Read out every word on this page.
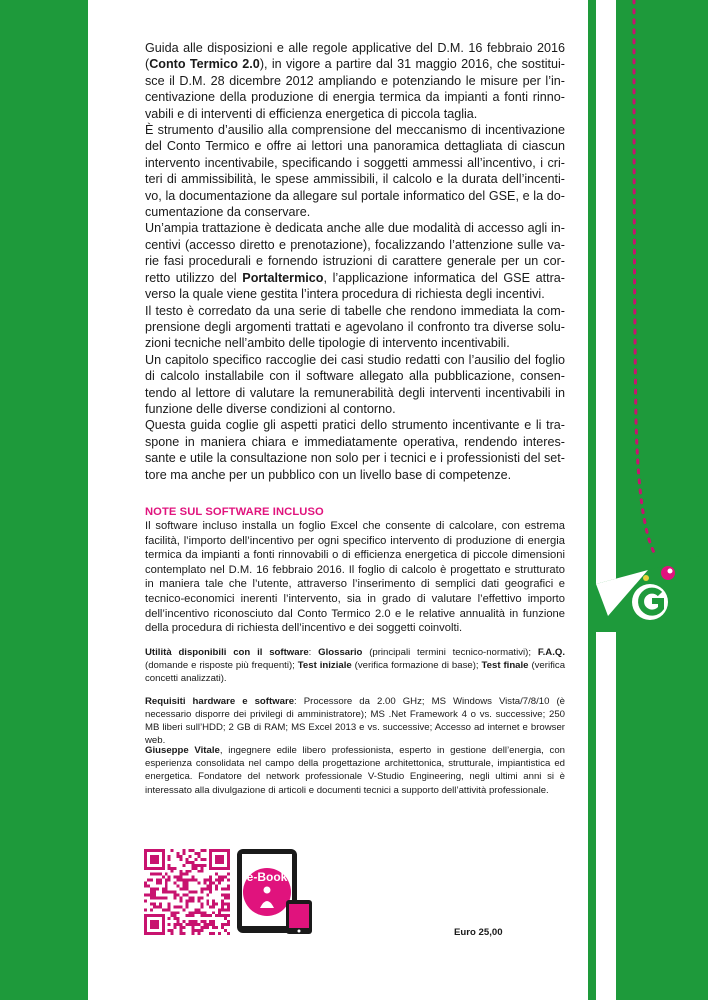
Guida alle disposizioni e alle regole applicative del D.M. 16 febbraio 2016 (Conto Termico 2.0), in vigore a partire dal 31 maggio 2016, che sostituisce il D.M. 28 dicembre 2012 ampliando e potenziando le misure per l’incentivazione della produzione di energia termica da impianti a fonti rinnovabili e di interventi di efficienza energetica di piccola taglia.

È strumento d’ausilio alla comprensione del meccanismo di incentivazione del Conto Termico e offre ai lettori una panoramica dettagliata di ciascun intervento incentivabile, specificando i soggetti ammessi all’incentivo, i criteri di ammissibilità, le spese ammissibili, il calcolo e la durata dell’incentivo, la documentazione da allegare sul portale informatico del GSE, e la documentazione da conservare.

Un’ampia trattazione è dedicata anche alle due modalità di accesso agli incentivi (accesso diretto e prenotazione), focalizzando l’attenzione sulle varie fasi procedurali e fornendo istruzioni di carattere generale per un corretto utilizzo del Portaltermico, l’applicazione informatica del GSE attraverso la quale viene gestita l’intera procedura di richiesta degli incentivi.

Il testo è corredato da una serie di tabelle che rendono immediata la comprensione degli argomenti trattati e agevolano il confronto tra diverse soluzioni tecniche nell’ambito delle tipologie di intervento incentivabili.

Un capitolo specifico raccoglie dei casi studio redatti con l’ausilio del foglio di calcolo installabile con il software allegato alla pubblicazione, consentendo al lettore di valutare la remunerabilità degli interventi incentivabili in funzione delle diverse condizioni al contorno.

Questa guida coglie gli aspetti pratici dello strumento incentivante e li traspone in maniera chiara e immediatamente operativa, rendendo interessante e utile la consultazione non solo per i tecnici e i professionisti del settore ma anche per un pubblico con un livello base di competenze.

NOTE SUL SOFTWARE INCLUSO
Il software incluso installa un foglio Excel che consente di calcolare, con estrema facilità, l’importo dell’incentivo per ogni specifico intervento di produzione di energia termica da impianti a fonti rinnovabili o di efficienza energetica di piccole dimensioni contemplato nel D.M. 16 febbraio 2016. Il foglio di calcolo è progettato e strutturato in maniera tale che l’utente, attraverso l’inserimento di semplici dati geografici e tecnico-economici inerenti l’intervento, sia in grado di valutare l’effettivo importo dell’incentivo riconosciuto dal Conto Termico 2.0 e le relative annualità in funzione della procedura di richiesta dell’incentivo e dei soggetti coinvolti.
Utilità disponibili con il software: Glossario (principali termini tecnico-normativi); F.A.Q. (domande e risposte più frequenti); Test iniziale (verifica formazione di base); Test finale (verifica concetti analizzati).
Requisiti hardware e software: Processore da 2.00 GHz; MS Windows Vista/7/8/10 (è necessario disporre dei privilegi di amministratore); MS .Net Framework 4 o vs. successive; 250 MB liberi sull’HDD; 2 GB di RAM; MS Excel 2013 e vs. successive; Accesso ad internet e browser web.
Giuseppe Vitale, ingegnere edile libero professionista, esperto in gestione dell’energia, con esperienza consolidata nel campo della progettazione architettonica, strutturale, impiantistica ed energetica. Fondatore del network professionale V-Studio Engineering, negli ultimi anni si è interessato alla divulgazione di articoli e documenti tecnici a supporto dell’attività professionale.
e-Book
Euro 25,00
